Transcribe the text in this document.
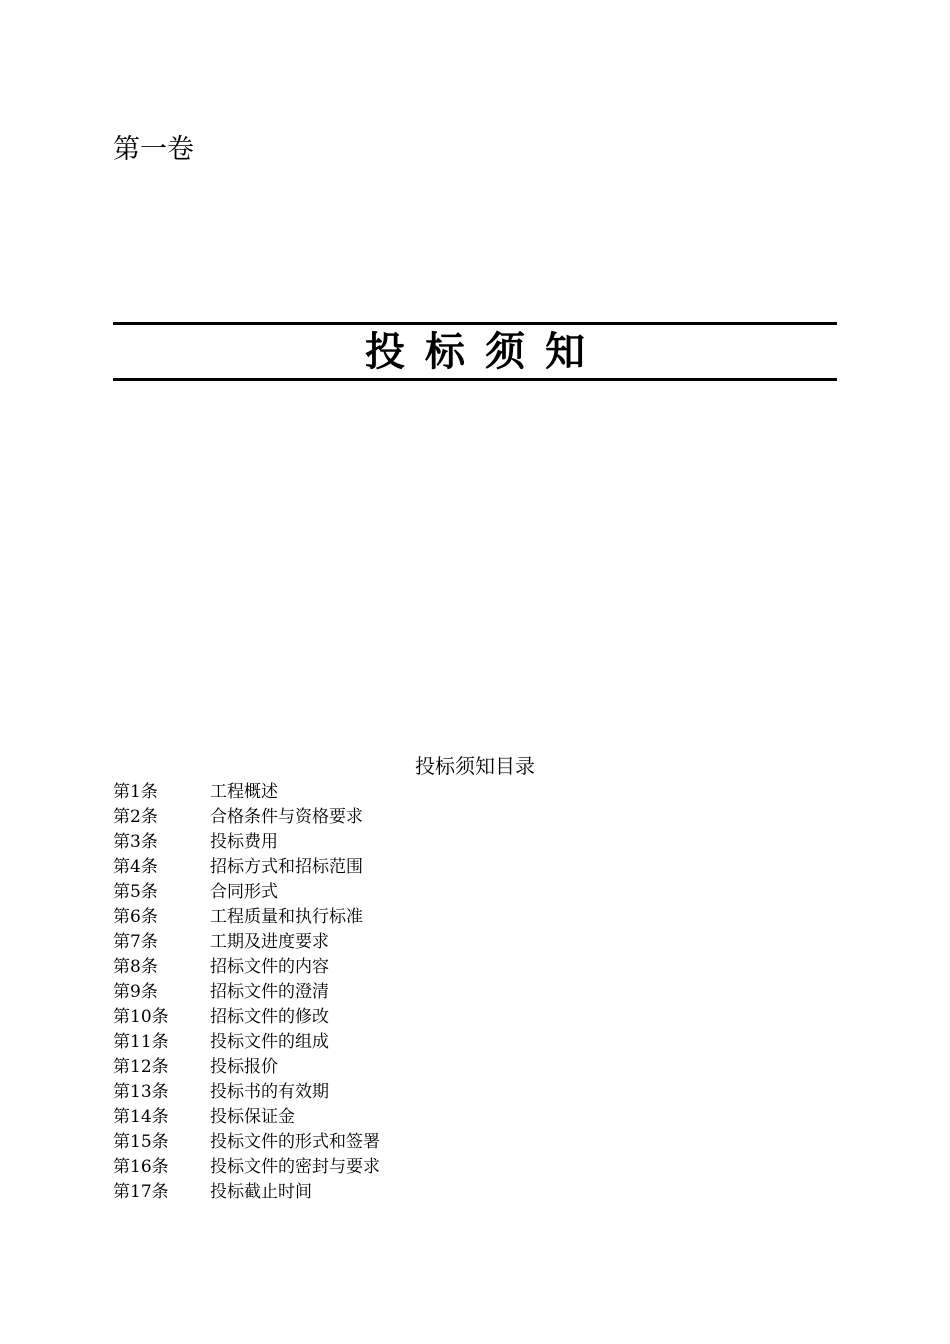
第一卷
投标须知
投标须知目录
第1条	工程概述
第2条	合格条件与资格要求
第3条	投标费用
第4条	招标方式和招标范围
第5条	合同形式
第6条	工程质量和执行标准
第7条	工期及进度要求
第8条	招标文件的内容
第9条	招标文件的澄清
第10条	招标文件的修改
第11条	投标文件的组成
第12条	投标报价
第13条	投标书的有效期
第14条	投标保证金
第15条	投标文件的形式和签署
第16条	投标文件的密封与要求
第17条	投标截止时间
